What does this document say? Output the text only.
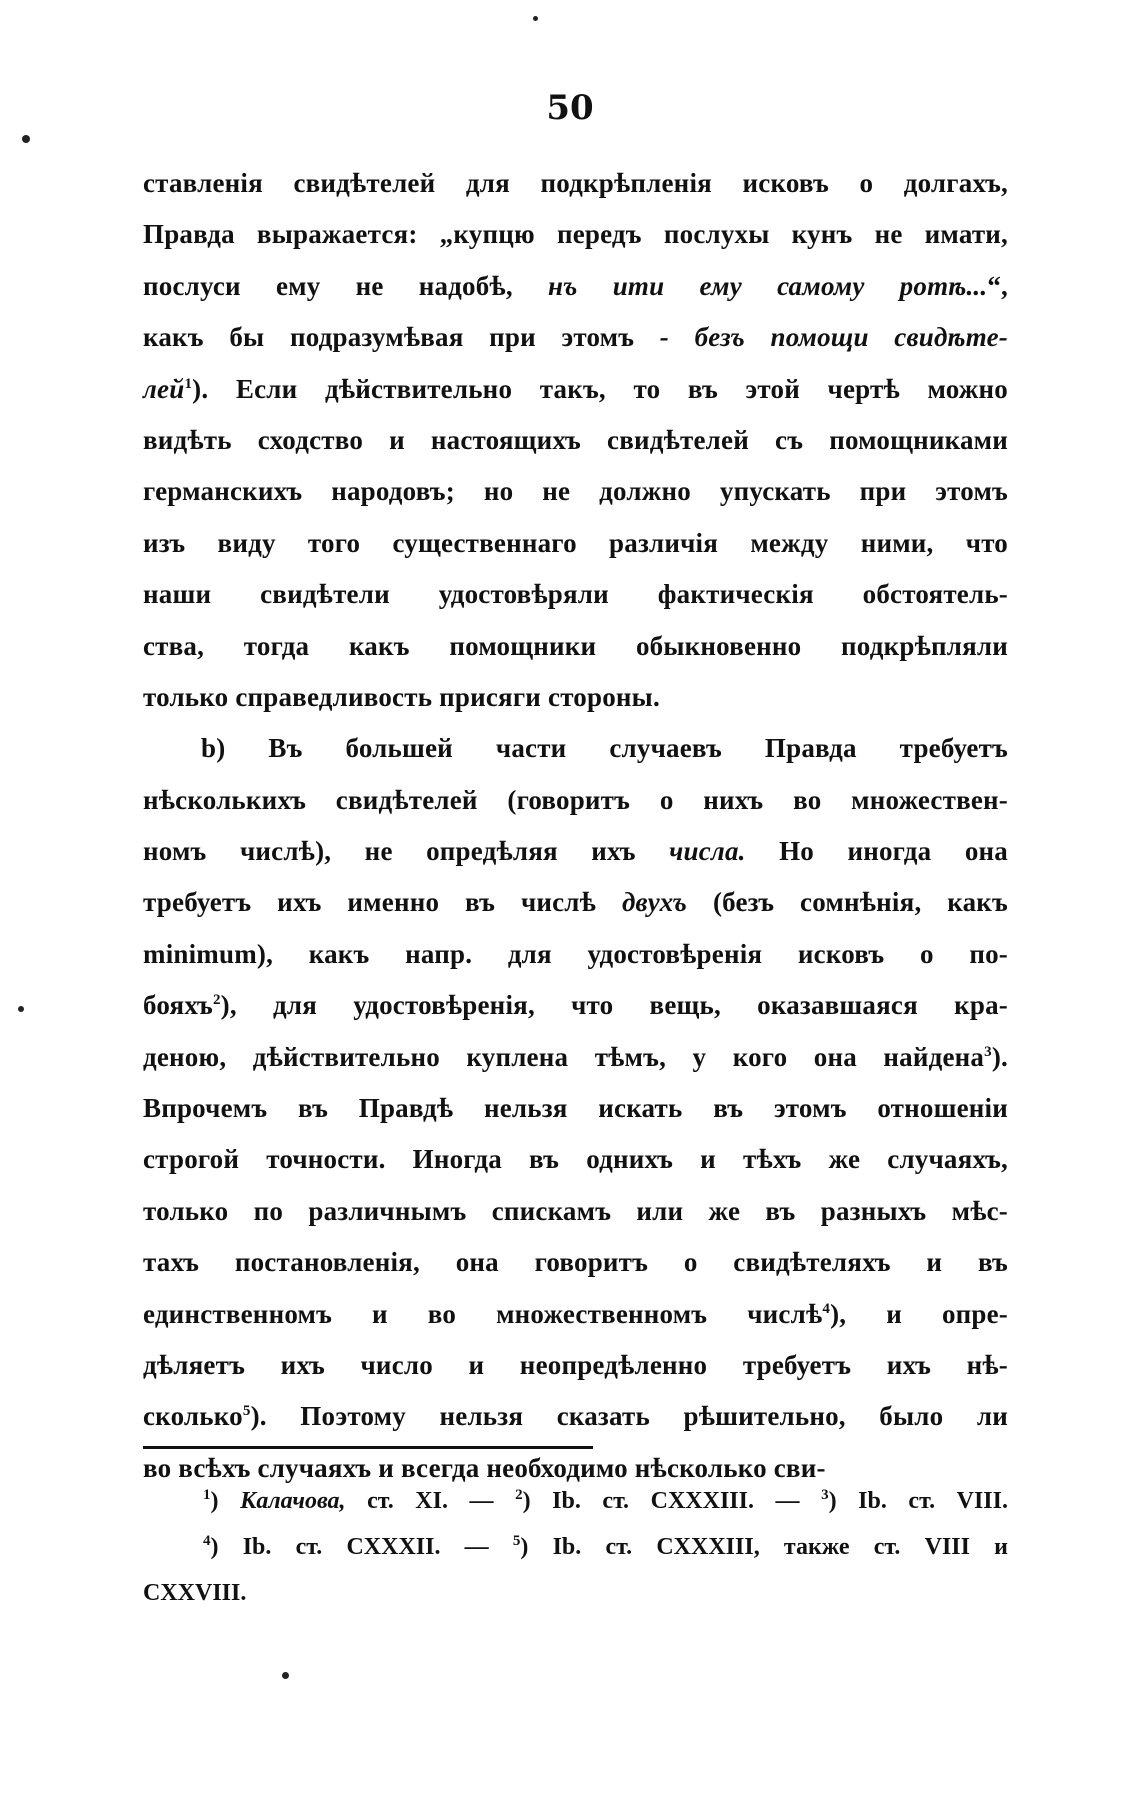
50
ставленія свидѣтелей для подкрѣпленія исковъ о долгахъ,
Правда выражается: „купцю передъ послухы кунъ не имати,
послуси ему не надобѣ, нъ ити ему самому ротѣ...“,
какъ бы подразумѣвая при этомъ - безъ помощи свидѣте-
лей$^1$). Если дѣйствительно такъ, то въ этой чертѣ можно
видѣть сходство и настоящихъ свидѣтелей съ помощниками
германскихъ народовъ; но не должно упускать при этомъ
изъ виду того существеннаго различія между ними, что
наши свидѣтели удостовѣряли фактическія обстоятель-
ства, тогда какъ помощники обыкновенно подкрѣпляли
только справедливость присяги стороны.
b) Въ большей части случаевъ Правда требуетъ
нѣсколькихъ свидѣтелей (говоритъ о нихъ во множествен-
номъ числѣ), не опредѣляя ихъ числа. Но иногда она
требуетъ ихъ именно въ числѣ двухъ (безъ сомнѣнія, какъ
minimum), какъ напр. для удостовѣренія исковъ о по-
бояхъ$^2$), для удостовѣренія, что вещь, оказавшаяся кра-
деною, дѣйствительно куплена тѣмъ, у кого она найдена$^3$).
Впрочемъ въ Правдѣ нельзя искать въ этомъ отношеніи
строгой точности. Иногда въ однихъ и тѣхъ же случаяхъ,
только по различнымъ спискамъ или же въ разныхъ мѣс-
тахъ постановленія, она говоритъ о свидѣтеляхъ и въ
единственномъ и во множественномъ числѣ$^4$), и опре-
дѣляетъ ихъ число и неопредѣленно требуетъ ихъ нѣ-
сколько$^5$). Поэтому нельзя сказать рѣшительно, было ли
во всѣхъ случаяхъ и всегда необходимо нѣсколько сви-
$^1$) Калачова, ст. XI. — $^2$) Ib. ст. CXXXIII. — $^3$) Ib. ст. VIII.
$^4$) Ib. ст. CXXXII. — $^5$) Ib. ст. CXXXIII, также ст. VIII и
CXXVIII.
